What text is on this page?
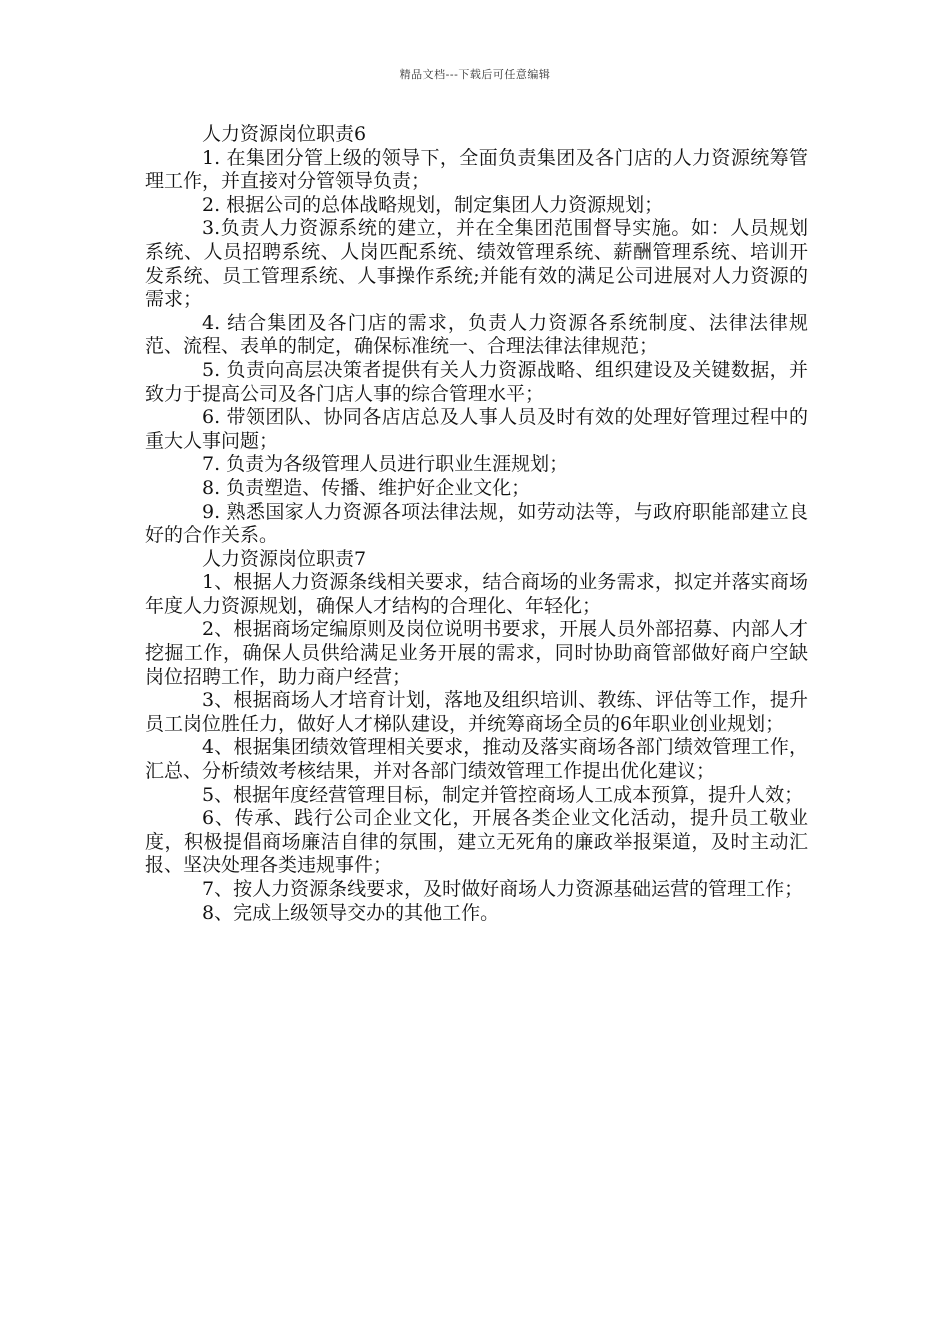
精品文档---下载后可任意编辑

人力资源岗位职责6

1. 在集团分管上级的领导下，全面负责集团及各门店的人力资源统筹管理工作，并直接对分管领导负责；

2. 根据公司的总体战略规划，制定集团人力资源规划；

3.负责人力资源系统的建立，并在全集团范围督导实施。如：人员规划系统、人员招聘系统、人岗匹配系统、绩效管理系统、薪酬管理系统、培训开发系统、员工管理系统、人事操作系统;并能有效的满足公司进展对人力资源的需求；

4. 结合集团及各门店的需求，负责人力资源各系统制度、法律法律规范、流程、表单的制定，确保标准统一、合理法律法律规范；

5. 负责向高层决策者提供有关人力资源战略、组织建设及关键数据，并致力于提高公司及各门店人事的综合管理水平；

6. 带领团队、协同各店店总及人事人员及时有效的处理好管理过程中的重大人事问题；

7. 负责为各级管理人员进行职业生涯规划；

8. 负责塑造、传播、维护好企业文化；

9. 熟悉国家人力资源各项法律法规，如劳动法等，与政府职能部建立良好的合作关系。

人力资源岗位职责7

1、根据人力资源条线相关要求，结合商场的业务需求，拟定并落实商场年度人力资源规划，确保人才结构的合理化、年轻化；

2、根据商场定编原则及岗位说明书要求，开展人员外部招募、内部人才挖掘工作，确保人员供给满足业务开展的需求，同时协助商管部做好商户空缺岗位招聘工作，助力商户经营；

3、根据商场人才培育计划，落地及组织培训、教练、评估等工作，提升员工岗位胜任力，做好人才梯队建设，并统筹商场全员的6年职业创业规划；

4、根据集团绩效管理相关要求，推动及落实商场各部门绩效管理工作，汇总、分析绩效考核结果，并对各部门绩效管理工作提出优化建议；

5、根据年度经营管理目标，制定并管控商场人工成本预算，提升人效；

6、传承、践行公司企业文化，开展各类企业文化活动，提升员工敬业度，积极提倡商场廉洁自律的氛围，建立无死角的廉政举报渠道，及时主动汇报、坚决处理各类违规事件；

7、按人力资源条线要求，及时做好商场人力资源基础运营的管理工作；

8、完成上级领导交办的其他工作。
